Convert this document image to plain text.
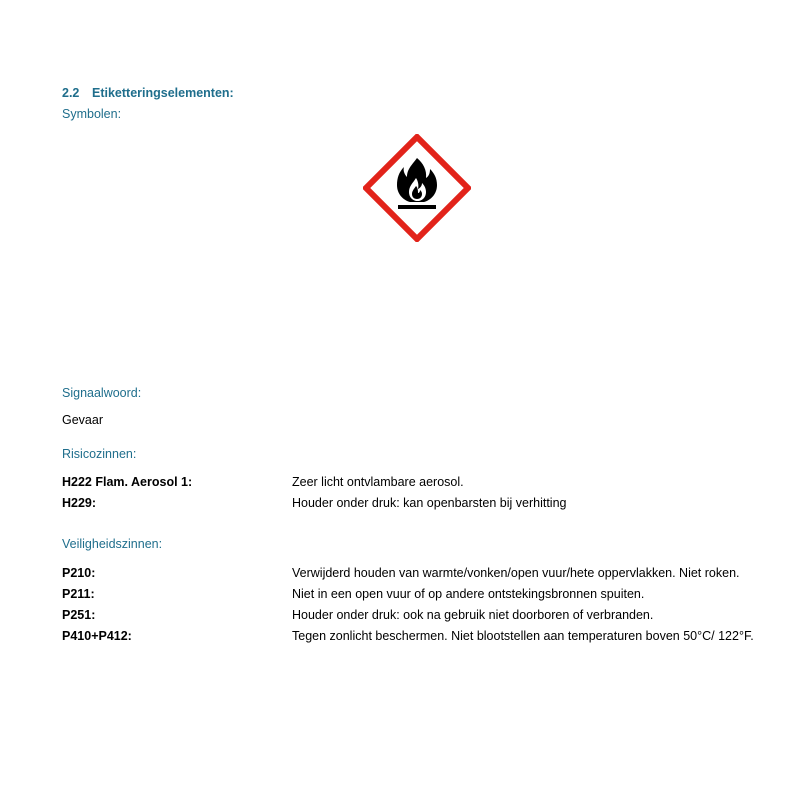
2.2 Etiketteringselementen:
Symbolen:
Signaalwoord:
Gevaar
Risicozinnen:
H222 Flam. Aerosol 1:	Zeer licht ontvlambare aerosol.
H229:	Houder onder druk: kan openbarsten bij verhitting
Veiligheidszinnen:
P210:	Verwijderd houden van warmte/vonken/open vuur/hete oppervlakken. Niet roken.
P211:	Niet in een open vuur of op andere ontstekingsbronnen spuiten.
P251:	Houder onder druk: ook na gebruik niet doorboren of verbranden.
P410+P412:	Tegen zonlicht beschermen. Niet blootstellen aan temperaturen boven 50°C/ 122°F.
